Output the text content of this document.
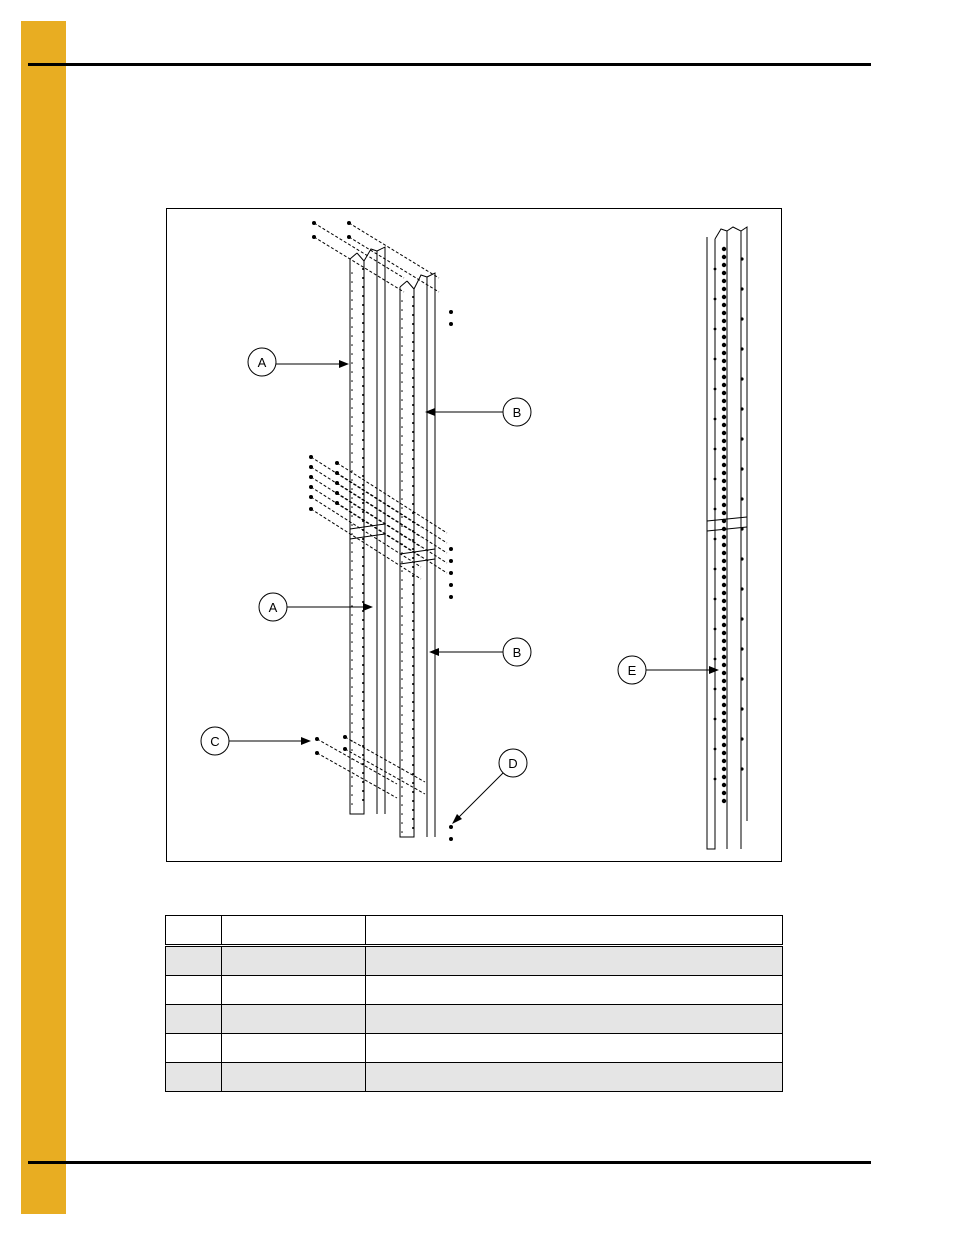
A
B
A
B
C
D
E
